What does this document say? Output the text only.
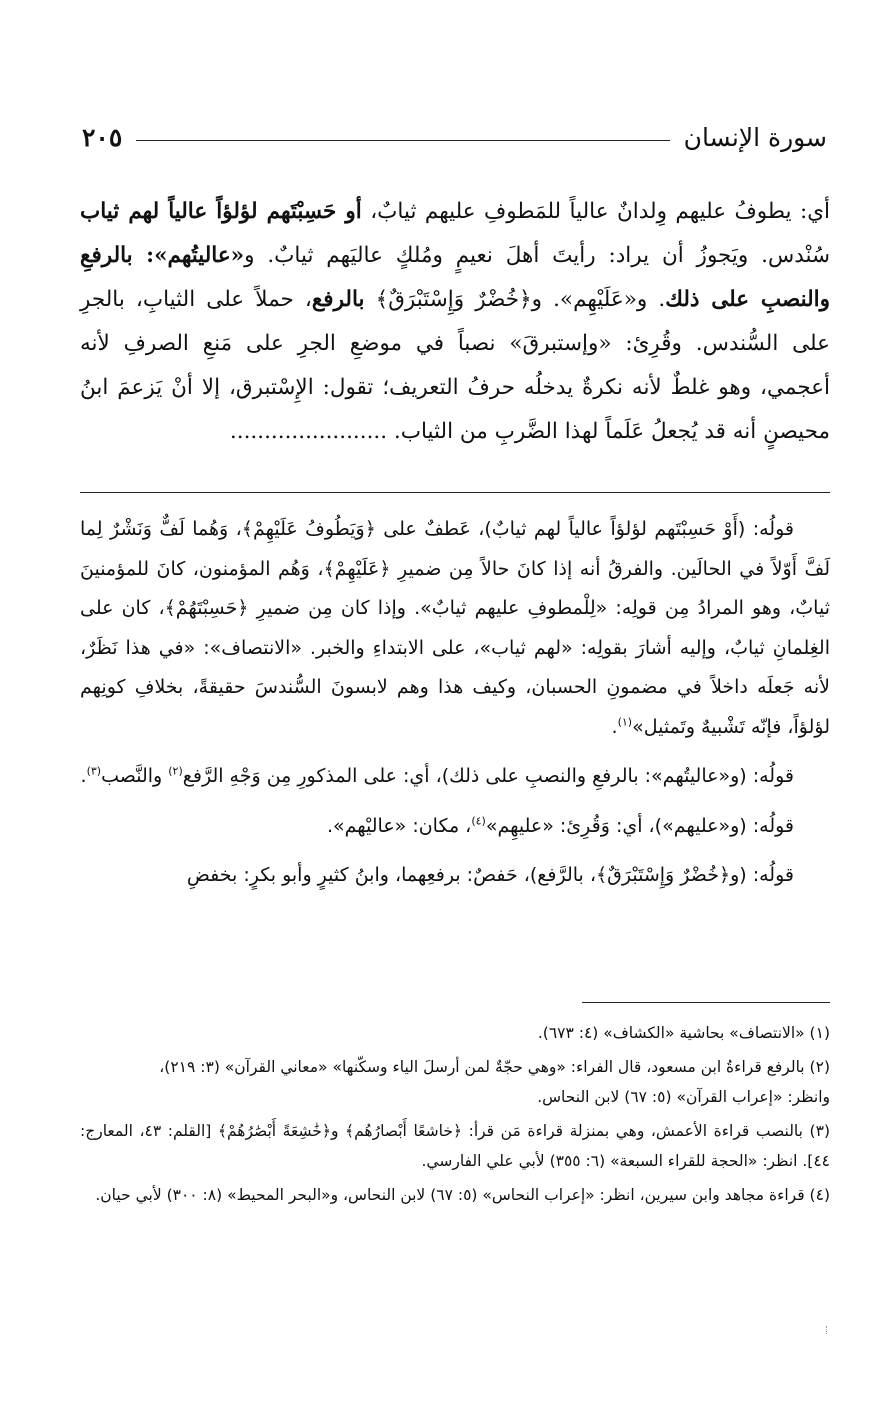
سورة الإنسان
٢٠٥

أي: يطوفُ عليهم وِلدانٌ عالياً للمَطوفِ عليهم ثيابٌ، أو حَسِبْتَهم لؤلؤاً عالياً لهم ثياب سُنْدس. ويَجوزُ أن يراد: رأيتَ أهلَ نعيمٍ ومُلكٍ عاليَهم ثيابٌ. و«عاليتُهم»: بالرفعِ والنصبِ على ذلك. و«عَلَيْهِم». و﴿خُضْرٌ وَإِسْتَبْرَقٌ﴾ بالرفع، حملاً على الثيابِ، بالجرِ على السُّندس. وقُرِئ: «وإستبرقَ» نصباً في موضعِ الجرِ على مَنعِ الصرفِ لأنه أعجمي، وهو غلطٌ لأنه نكرةٌ يدخلُه حرفُ التعريف؛ تقول: الإِسْتبرق، إلا أنْ يَزعمَ ابنُ محيصنٍ أنه قد يُجعلُ عَلَماً لهذا الضَّربِ من الثياب. .......................

قولُه: (أَوْ حَسِبْتَهم لؤلؤاً عالياً لهم ثيابٌ)، عَطفٌ على ﴿وَيَطُوفُ عَلَيْهِمْ﴾، وَهُما لَفٌّ وَنَشْرٌ لِما لَفَّ أَوّلاً في الحالَين. والفرقُ أنه إذا كانَ حالاً مِن ضميرِ ﴿عَلَيْهِمْ﴾، وَهُم المؤمنون، كانَ للمؤمنينَ ثيابٌ، وهو المرادُ مِن قولِه: «لِلْمطوفِ عليهم ثيابٌ». وإذا كان مِن ضميرِ ﴿حَسِبْتَهُمْ﴾، كان على الغِلمانِ ثيابٌ، وإليه أشارَ بقولِه: «لهم ثياب»، على الابتداءِ والخبر. «الانتصاف»: «في هذا نَظَرٌ، لأنه جَعلَه داخلاً في مضمونِ الحسبان، وكيف هذا وهم لابسونَ السُّندسَ حقيقةً، بخلافِ كونِهم لؤلؤاً، فإنّه تَشْبيهٌ وتَمثيل»$^{(١)}$.

قولُه: (و«عاليتُهم»: بالرفعِ والنصبِ على ذلك)، أي: على المذكورِ مِن وَجْهِ الرَّفع$^{(٢)}$ والنَّصب$^{(٣)}$.

قولُه: (و«عليهم»)، أي: وَقُرِئ: «عليهِم»$^{(٤)}$، مكان: «عاليْهم».

قولُه: (و﴿خُضْرٌ وَإِسْتَبْرَقٌ﴾، بالرَّفع)، حَفصٌ: برفعِهما، وابنُ كثيرٍ وأبو بكرٍ: بخفضِ

(١) «الانتصاف» بحاشية «الكشاف» (٤: ٦٧٣).

(٢) بالرفع قراءةُ ابن مسعود، قال الفراء: «وهي حجّةٌ لمن أرسلَ الياء وسكّنها» «معاني القرآن» (٣: ٢١٩)،
وانظر: «إعراب القرآن» (٥: ٦٧) لابن النحاس.

(٣) بالنصب قراءة الأعمش، وهي بمنزلة قراءة مَن قرأ: ﴿خاشعًا أَبْصارُهُم﴾ و﴿خَٰشِعَةً أَبْصَٰرُهُمْ﴾ [القلم: ٤٣، المعارج: ٤٤]. انظر: «الحجة للقراء السبعة» (٦: ٣٥٥) لأبي علي الفارسي.

(٤) قراءة مجاهد وابن سيرين، انظر: «إعراب النحاس» (٥: ٦٧) لابن النحاس، و«البحر المحيط» (٨: ٣٠٠) لأبي حيان.
